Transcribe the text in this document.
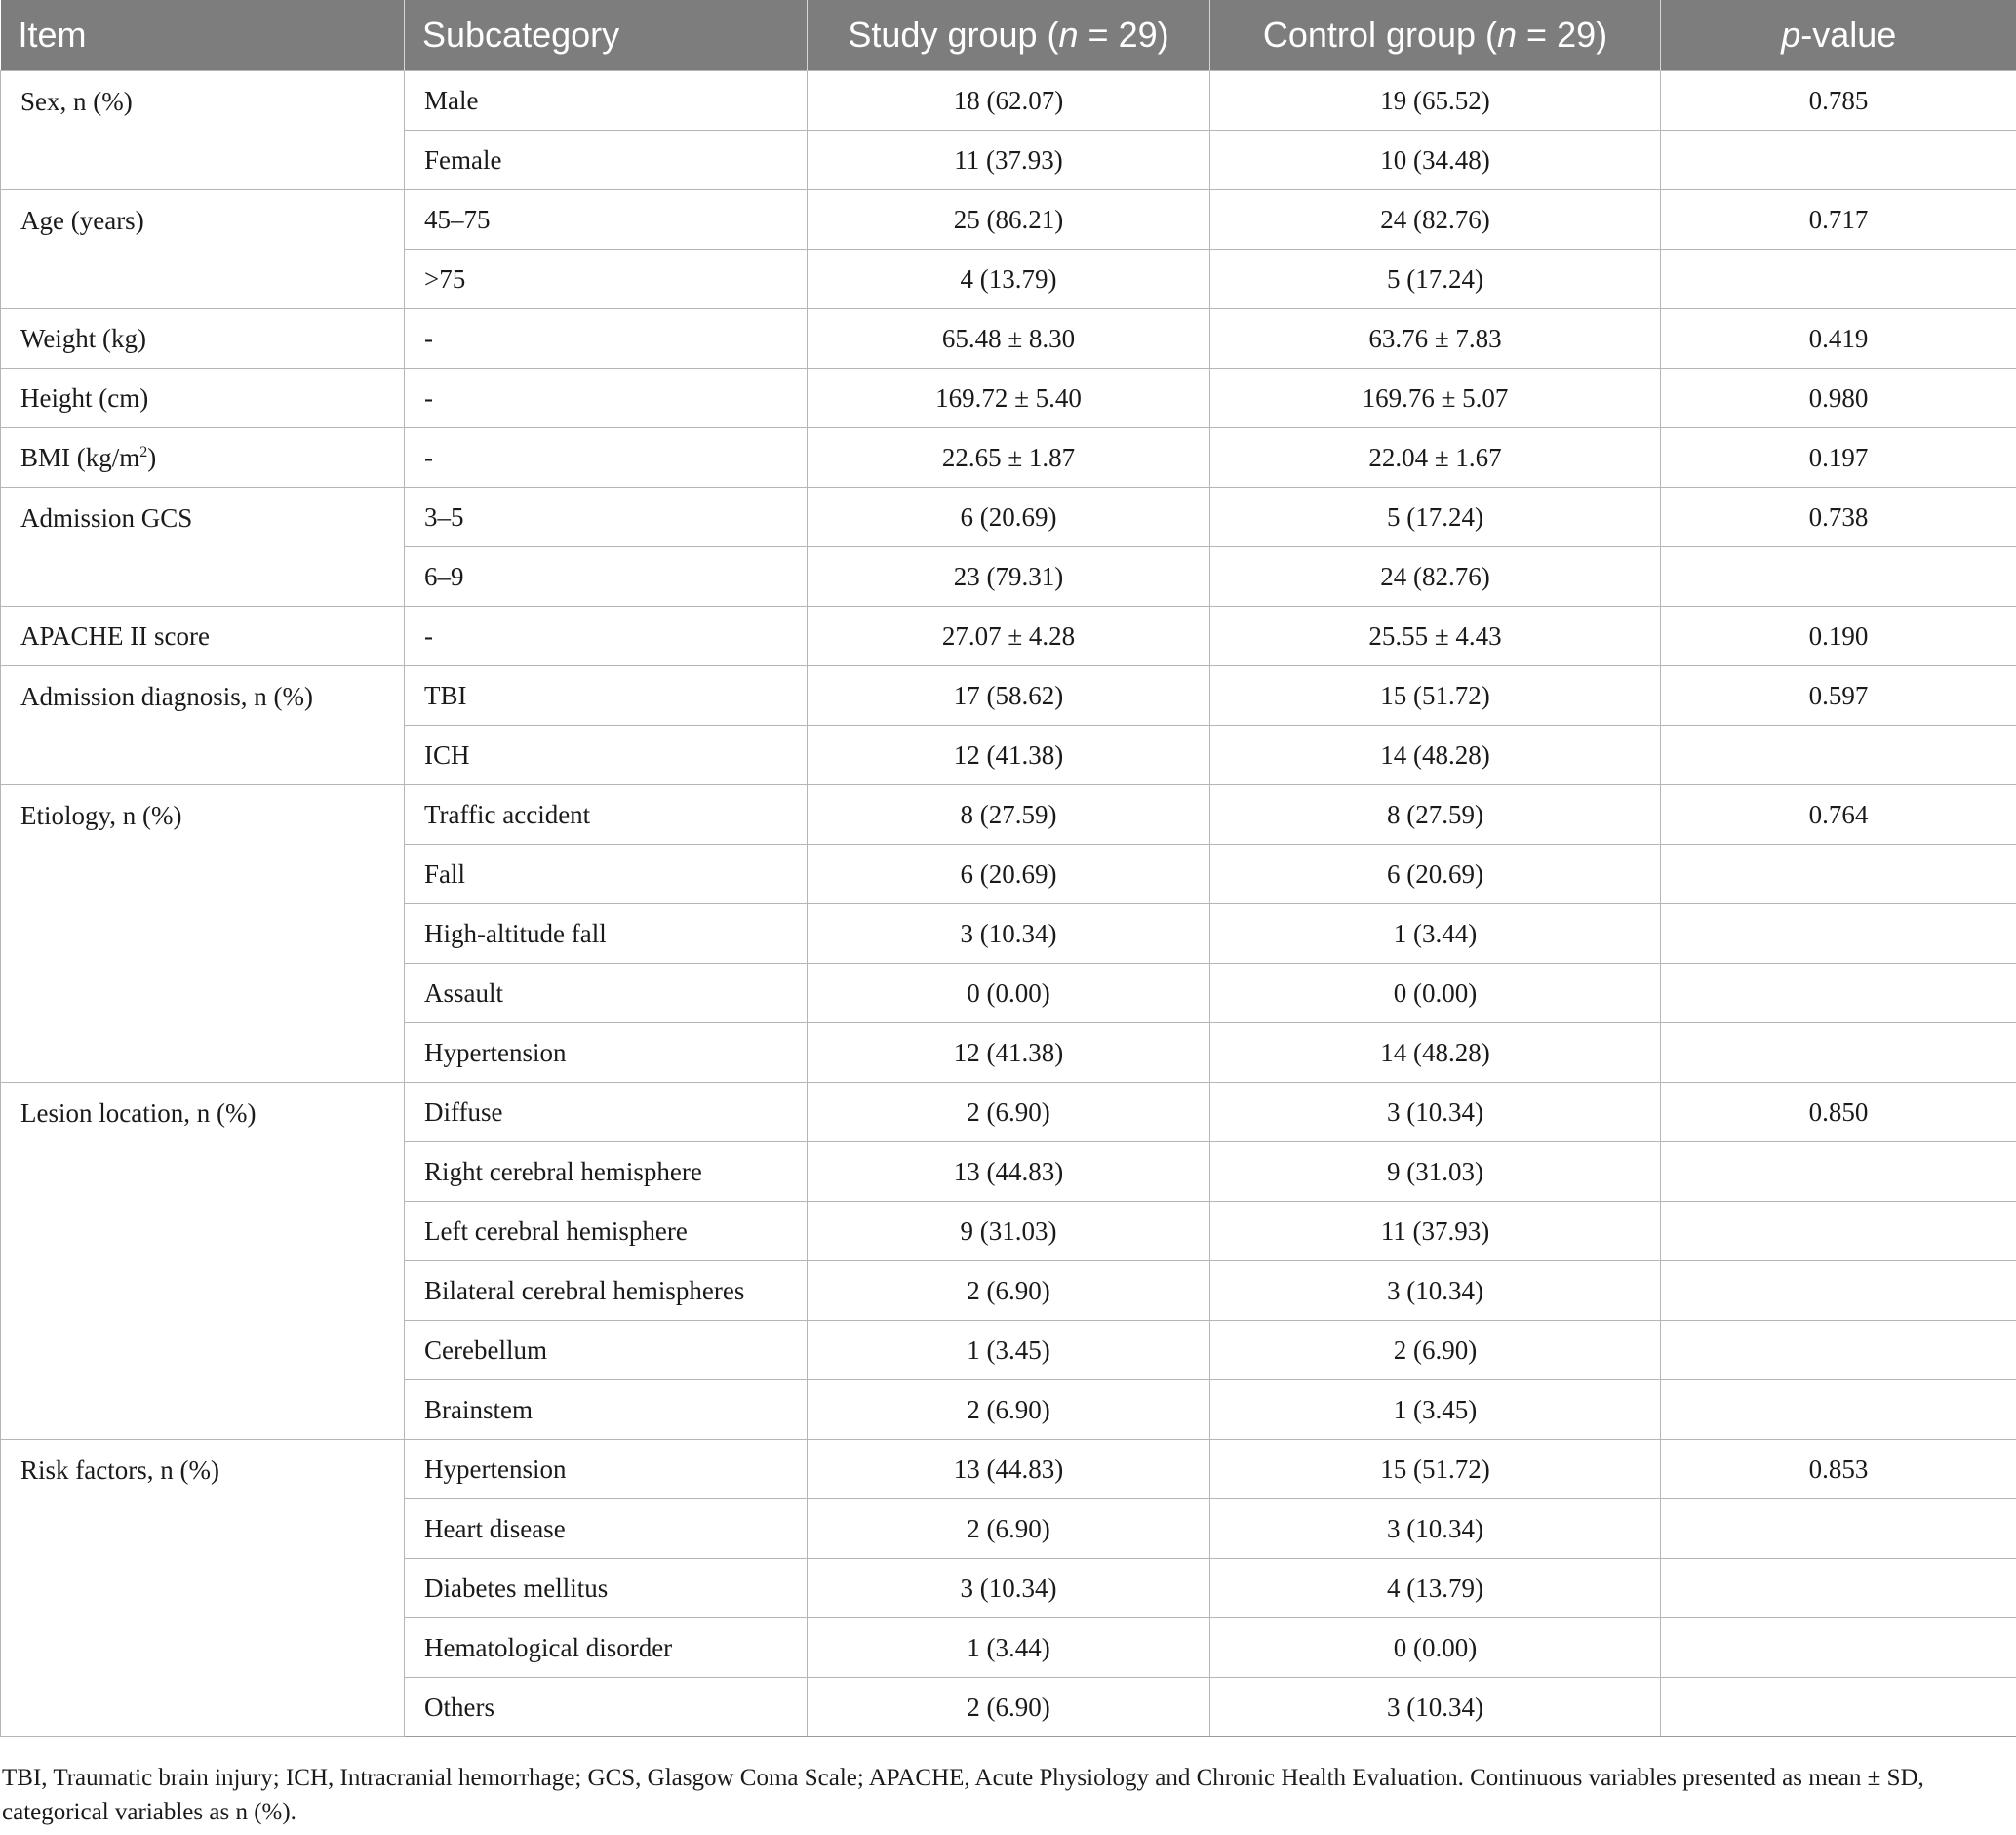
Item	Subcategory	Study group (n = 29)	Control group (n = 29)	p-value
Sex, n (%)	Male	18 (62.07)	19 (65.52)	0.785
	Female	11 (37.93)	10 (34.48)	
Age (years)	45–75	25 (86.21)	24 (82.76)	0.717
	>75	4 (13.79)	5 (17.24)	
Weight (kg)	-	65.48 ± 8.30	63.76 ± 7.83	0.419
Height (cm)	-	169.72 ± 5.40	169.76 ± 5.07	0.980
BMI $(kg/m^2)$	-	22.65 ± 1.87	22.04 ± 1.67	0.197
Admission GCS	3–5	6 (20.69)	5 (17.24)	0.738
	6–9	23 (79.31)	24 (82.76)	
APACHE II score	-	27.07 ± 4.28	25.55 ± 4.43	0.190
Admission diagnosis, n (%)	TBI	17 (58.62)	15 (51.72)	0.597
	ICH	12 (41.38)	14 (48.28)	
Etiology, n (%)	Traffic accident	8 (27.59)	8 (27.59)	0.764
	Fall	6 (20.69)	6 (20.69)	
	High-altitude fall	3 (10.34)	1 (3.44)	
	Assault	0 (0.00)	0 (0.00)	
	Hypertension	12 (41.38)	14 (48.28)	
Lesion location, n (%)	Diffuse	2 (6.90)	3 (10.34)	0.850
	Right cerebral hemisphere	13 (44.83)	9 (31.03)	
	Left cerebral hemisphere	9 (31.03)	11 (37.93)	
	Bilateral cerebral hemispheres	2 (6.90)	3 (10.34)	
	Cerebellum	1 (3.45)	2 (6.90)	
	Brainstem	2 (6.90)	1 (3.45)	
Risk factors, n (%)	Hypertension	13 (44.83)	15 (51.72)	0.853
	Heart disease	2 (6.90)	3 (10.34)	
	Diabetes mellitus	3 (10.34)	4 (13.79)	
	Hematological disorder	1 (3.44)	0 (0.00)	
	Others	2 (6.90)	3 (10.34)	
TBI, Traumatic brain injury; ICH, Intracranial hemorrhage; GCS, Glasgow Coma Scale; APACHE, Acute Physiology and Chronic Health Evaluation. Continuous variables presented as mean ± SD, categorical variables as n (%).
